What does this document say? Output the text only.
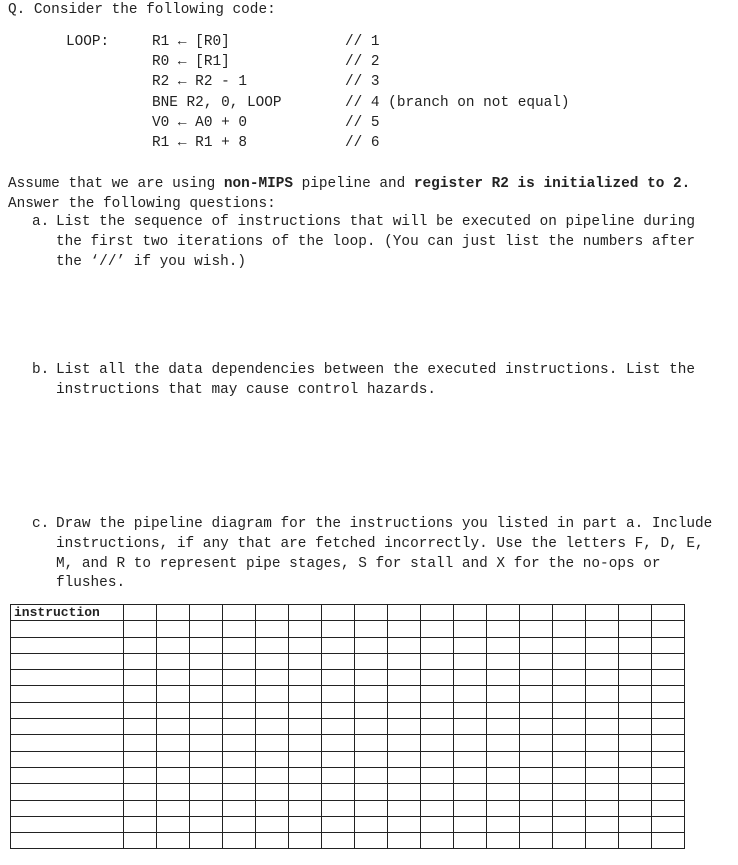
Q. Consider the following code:
LOOP:	R1 ← [R0]	// 1
R0 ← [R1]	// 2
R2 ← R2 - 1	// 3
BNE R2, 0, LOOP	// 4 (branch on not equal)
V0 ← A0 + 0	// 5
R1 ← R1 + 8	// 6
Assume that we are using non-MIPS pipeline and register R2 is initialized to 2. Answer the following questions:
a. List the sequence of instructions that will be executed on pipeline during the first two iterations of the loop. (You can just list the numbers after the ‘//’ if you wish.)
b. List all the data dependencies between the executed instructions. List the instructions that may cause control hazards.
c. Draw the pipeline diagram for the instructions you listed in part a. Include instructions, if any that are fetched incorrectly. Use the letters F, D, E, M, and R to represent pipe stages, S for stall and X for the no-ops or flushes.
instruction																	
